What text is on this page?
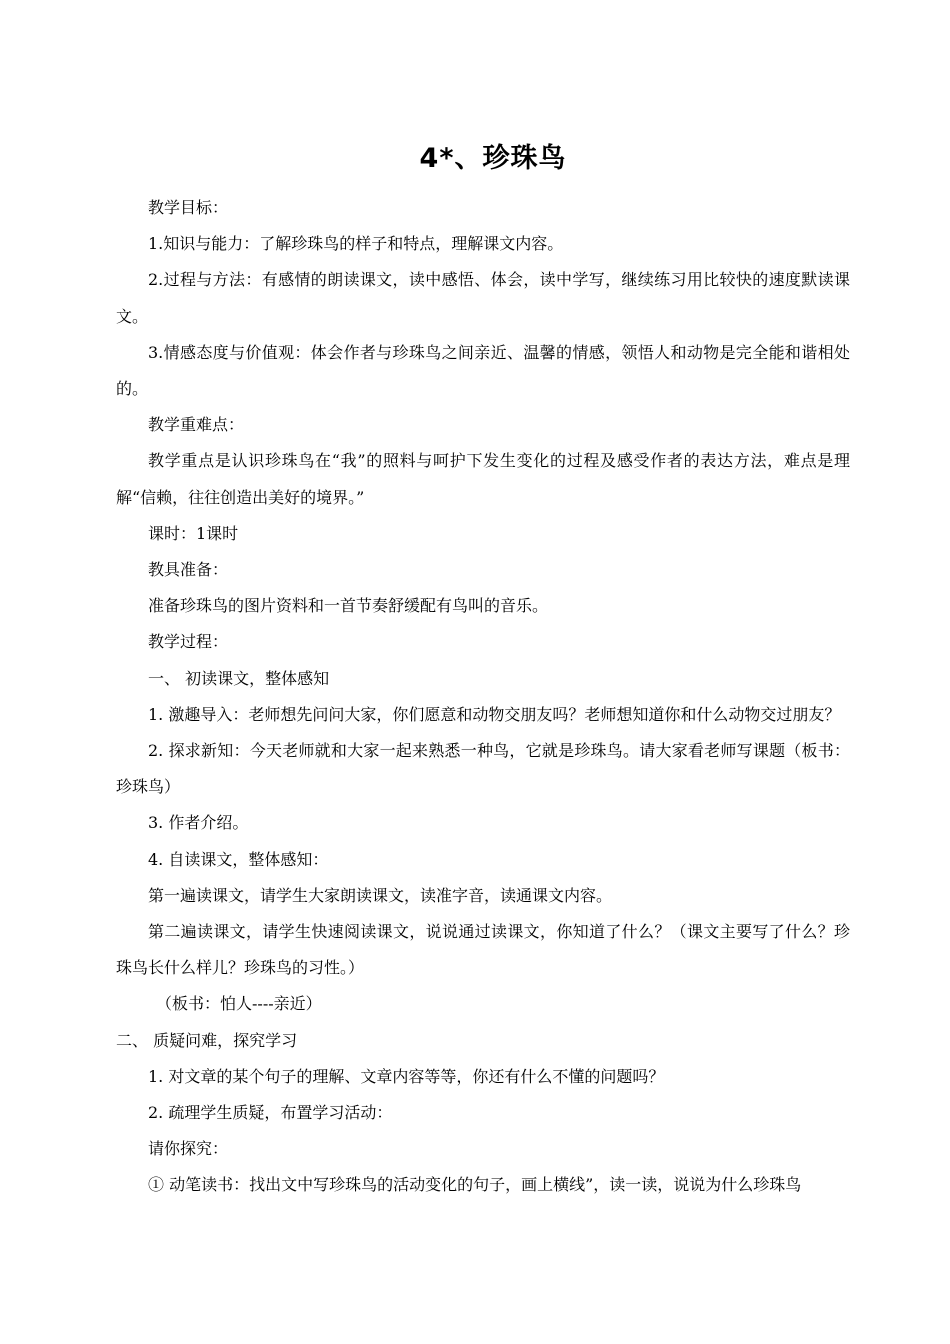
4*、珍珠鸟

教学目标：

1.知识与能力：了解珍珠鸟的样子和特点，理解课文内容。

2.过程与方法：有感情的朗读课文，读中感悟、体会，读中学写，继续练习用比较快的速度默读课文。

3.情感态度与价值观：体会作者与珍珠鸟之间亲近、温馨的情感，领悟人和动物是完全能和谐相处的。

教学重难点：

教学重点是认识珍珠鸟在“我”的照料与呵护下发生变化的过程及感受作者的表达方法，难点是理解“信赖，往往创造出美好的境界。”

课时：1课时

教具准备：

准备珍珠鸟的图片资料和一首节奏舒缓配有鸟叫的音乐。

教学过程：

一、 初读课文，整体感知

1. 激趣导入：老师想先问问大家，你们愿意和动物交朋友吗？老师想知道你和什么动物交过朋友？

2. 探求新知：今天老师就和大家一起来熟悉一种鸟，它就是珍珠鸟。请大家看老师写课题（板书：珍珠鸟）

3. 作者介绍。

4. 自读课文，整体感知：

第一遍读课文，请学生大家朗读课文，读准字音，读通课文内容。

第二遍读课文，请学生快速阅读课文，说说通过读课文，你知道了什么？（课文主要写了什么？珍珠鸟长什么样儿？珍珠鸟的习性。）

（板书：怕人----亲近）

二、 质疑问难，探究学习

1. 对文章的某个句子的理解、文章内容等等，你还有什么不懂的问题吗？

2. 疏理学生质疑，布置学习活动：

请你探究：

① 动笔读书：找出文中写珍珠鸟的活动变化的句子，画上横线”，读一读，说说为什么珍珠鸟
